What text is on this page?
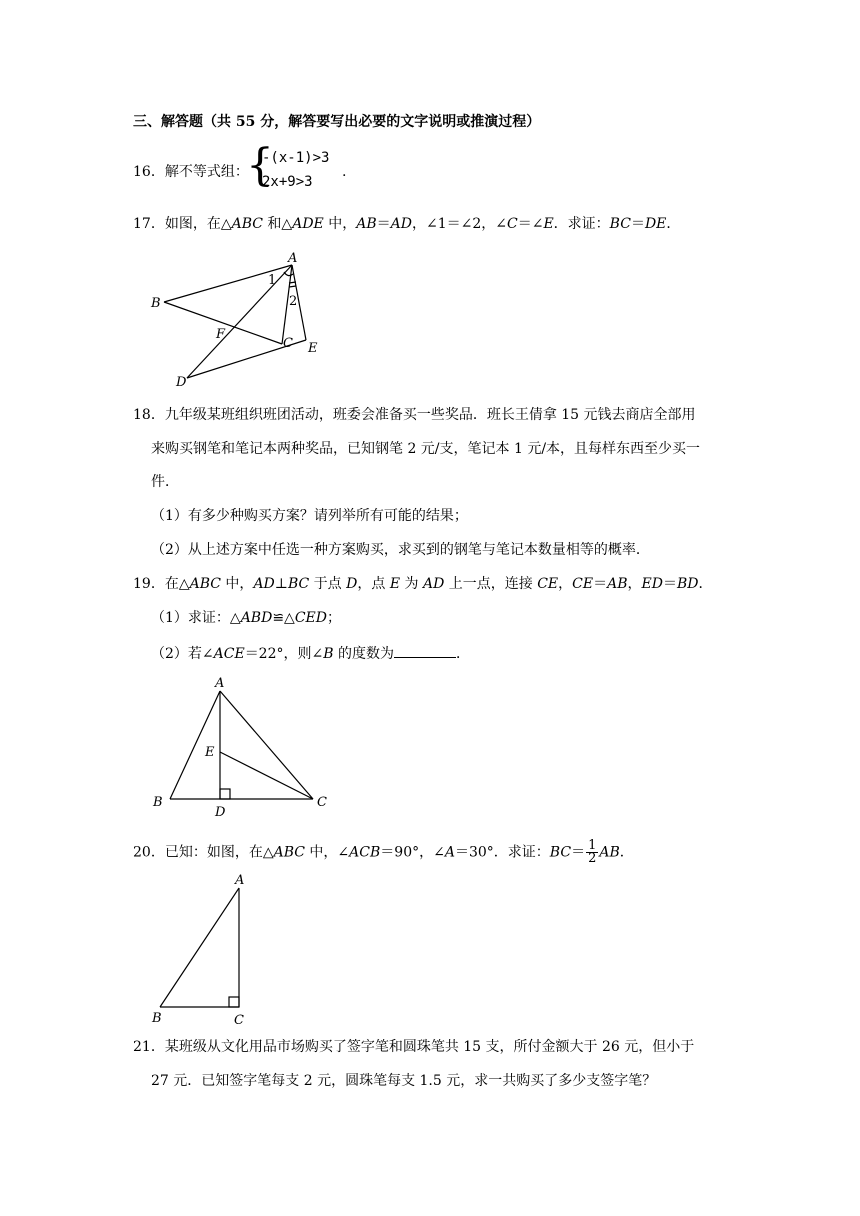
三、解答题（共 55 分，解答要写出必要的文字说明或推演过程）
16．解不等式组：
{
-(x-1)>3
2x+9>3
.
17．如图，在△ABC 和△ADE 中，AB＝AD，∠1＝∠2，∠C＝∠E．求证：BC＝DE．
A
B
C
D
E
F
1
2
18．九年级某班组织班团活动，班委会准备买一些奖品．班长王倩拿 15 元钱去商店全部用
来购买钢笔和笔记本两种奖品，已知钢笔 2 元/支，笔记本 1 元/本，且每样东西至少买一
件．
（1）有多少种购买方案？请列举所有可能的结果；
（2）从上述方案中任选一种方案购买，求买到的钢笔与笔记本数量相等的概率．
19．在△ABC 中，AD⊥BC 于点 D，点 E 为 AD 上一点，连接 CE，CE＝AB，ED＝BD．
（1）求证：△ABD≌△CED；
（2）若∠ACE＝22°，则∠B 的度数为	．
A
B	C
D
E
20．已知：如图，在△ABC 中，∠ACB＝90°，∠A＝30°．求证：$BC= \frac{1}{2}$ AB．
A
B	C
21．某班级从文化用品市场购买了签字笔和圆珠笔共 15 支，所付金额大于 26 元，但小于
27 元．已知签字笔每支 2 元，圆珠笔每支 1.5 元，求一共购买了多少支签字笔？
